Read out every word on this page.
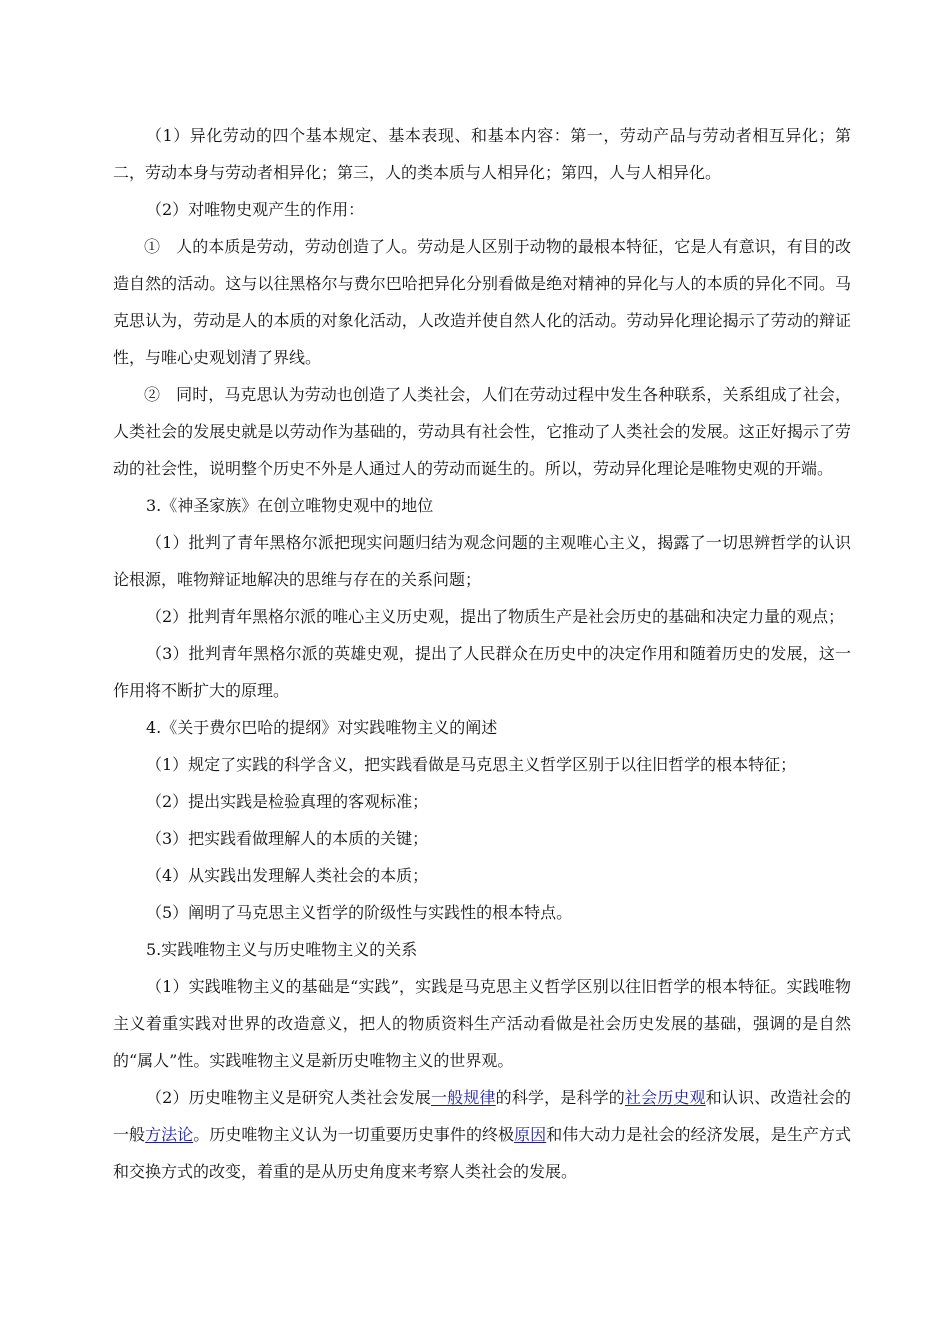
（1）异化劳动的四个基本规定、基本表现、和基本内容：第一，劳动产品与劳动者相互异化；第二，劳动本身与劳动者相异化；第三，人的类本质与人相异化；第四，人与人相异化。

（2）对唯物史观产生的作用：

①　人的本质是劳动，劳动创造了人。劳动是人区别于动物的最根本特征，它是人有意识，有目的改造自然的活动。这与以往黑格尔与费尔巴哈把异化分别看做是绝对精神的异化与人的本质的异化不同。马克思认为，劳动是人的本质的对象化活动，人改造并使自然人化的活动。劳动异化理论揭示了劳动的辩证性，与唯心史观划清了界线。

②　同时，马克思认为劳动也创造了人类社会，人们在劳动过程中发生各种联系，关系组成了社会，人类社会的发展史就是以劳动作为基础的，劳动具有社会性，它推动了人类社会的发展。这正好揭示了劳动的社会性，说明整个历史不外是人通过人的劳动而诞生的。所以，劳动异化理论是唯物史观的开端。

3.《神圣家族》在创立唯物史观中的地位

（1）批判了青年黑格尔派把现实问题归结为观念问题的主观唯心主义，揭露了一切思辨哲学的认识论根源，唯物辩证地解决的思维与存在的关系问题；

（2）批判青年黑格尔派的唯心主义历史观，提出了物质生产是社会历史的基础和决定力量的观点；

（3）批判青年黑格尔派的英雄史观，提出了人民群众在历史中的决定作用和随着历史的发展，这一作用将不断扩大的原理。

4.《关于费尔巴哈的提纲》对实践唯物主义的阐述

（1）规定了实践的科学含义，把实践看做是马克思主义哲学区别于以往旧哲学的根本特征；

（2）提出实践是检验真理的客观标准；

（3）把实践看做理解人的本质的关键；

（4）从实践出发理解人类社会的本质；

（5）阐明了马克思主义哲学的阶级性与实践性的根本特点。

5.实践唯物主义与历史唯物主义的关系

（1）实践唯物主义的基础是“实践”，实践是马克思主义哲学区别以往旧哲学的根本特征。实践唯物主义着重实践对世界的改造意义，把人的物质资料生产活动看做是社会历史发展的基础，强调的是自然的“属人”性。实践唯物主义是新历史唯物主义的世界观。

（2）历史唯物主义是研究人类社会发展一般规律的科学，是科学的社会历史观和认识、改造社会的一般方法论。历史唯物主义认为一切重要历史事件的终极原因和伟大动力是社会的经济发展，是生产方式和交换方式的改变，着重的是从历史角度来考察人类社会的发展。
